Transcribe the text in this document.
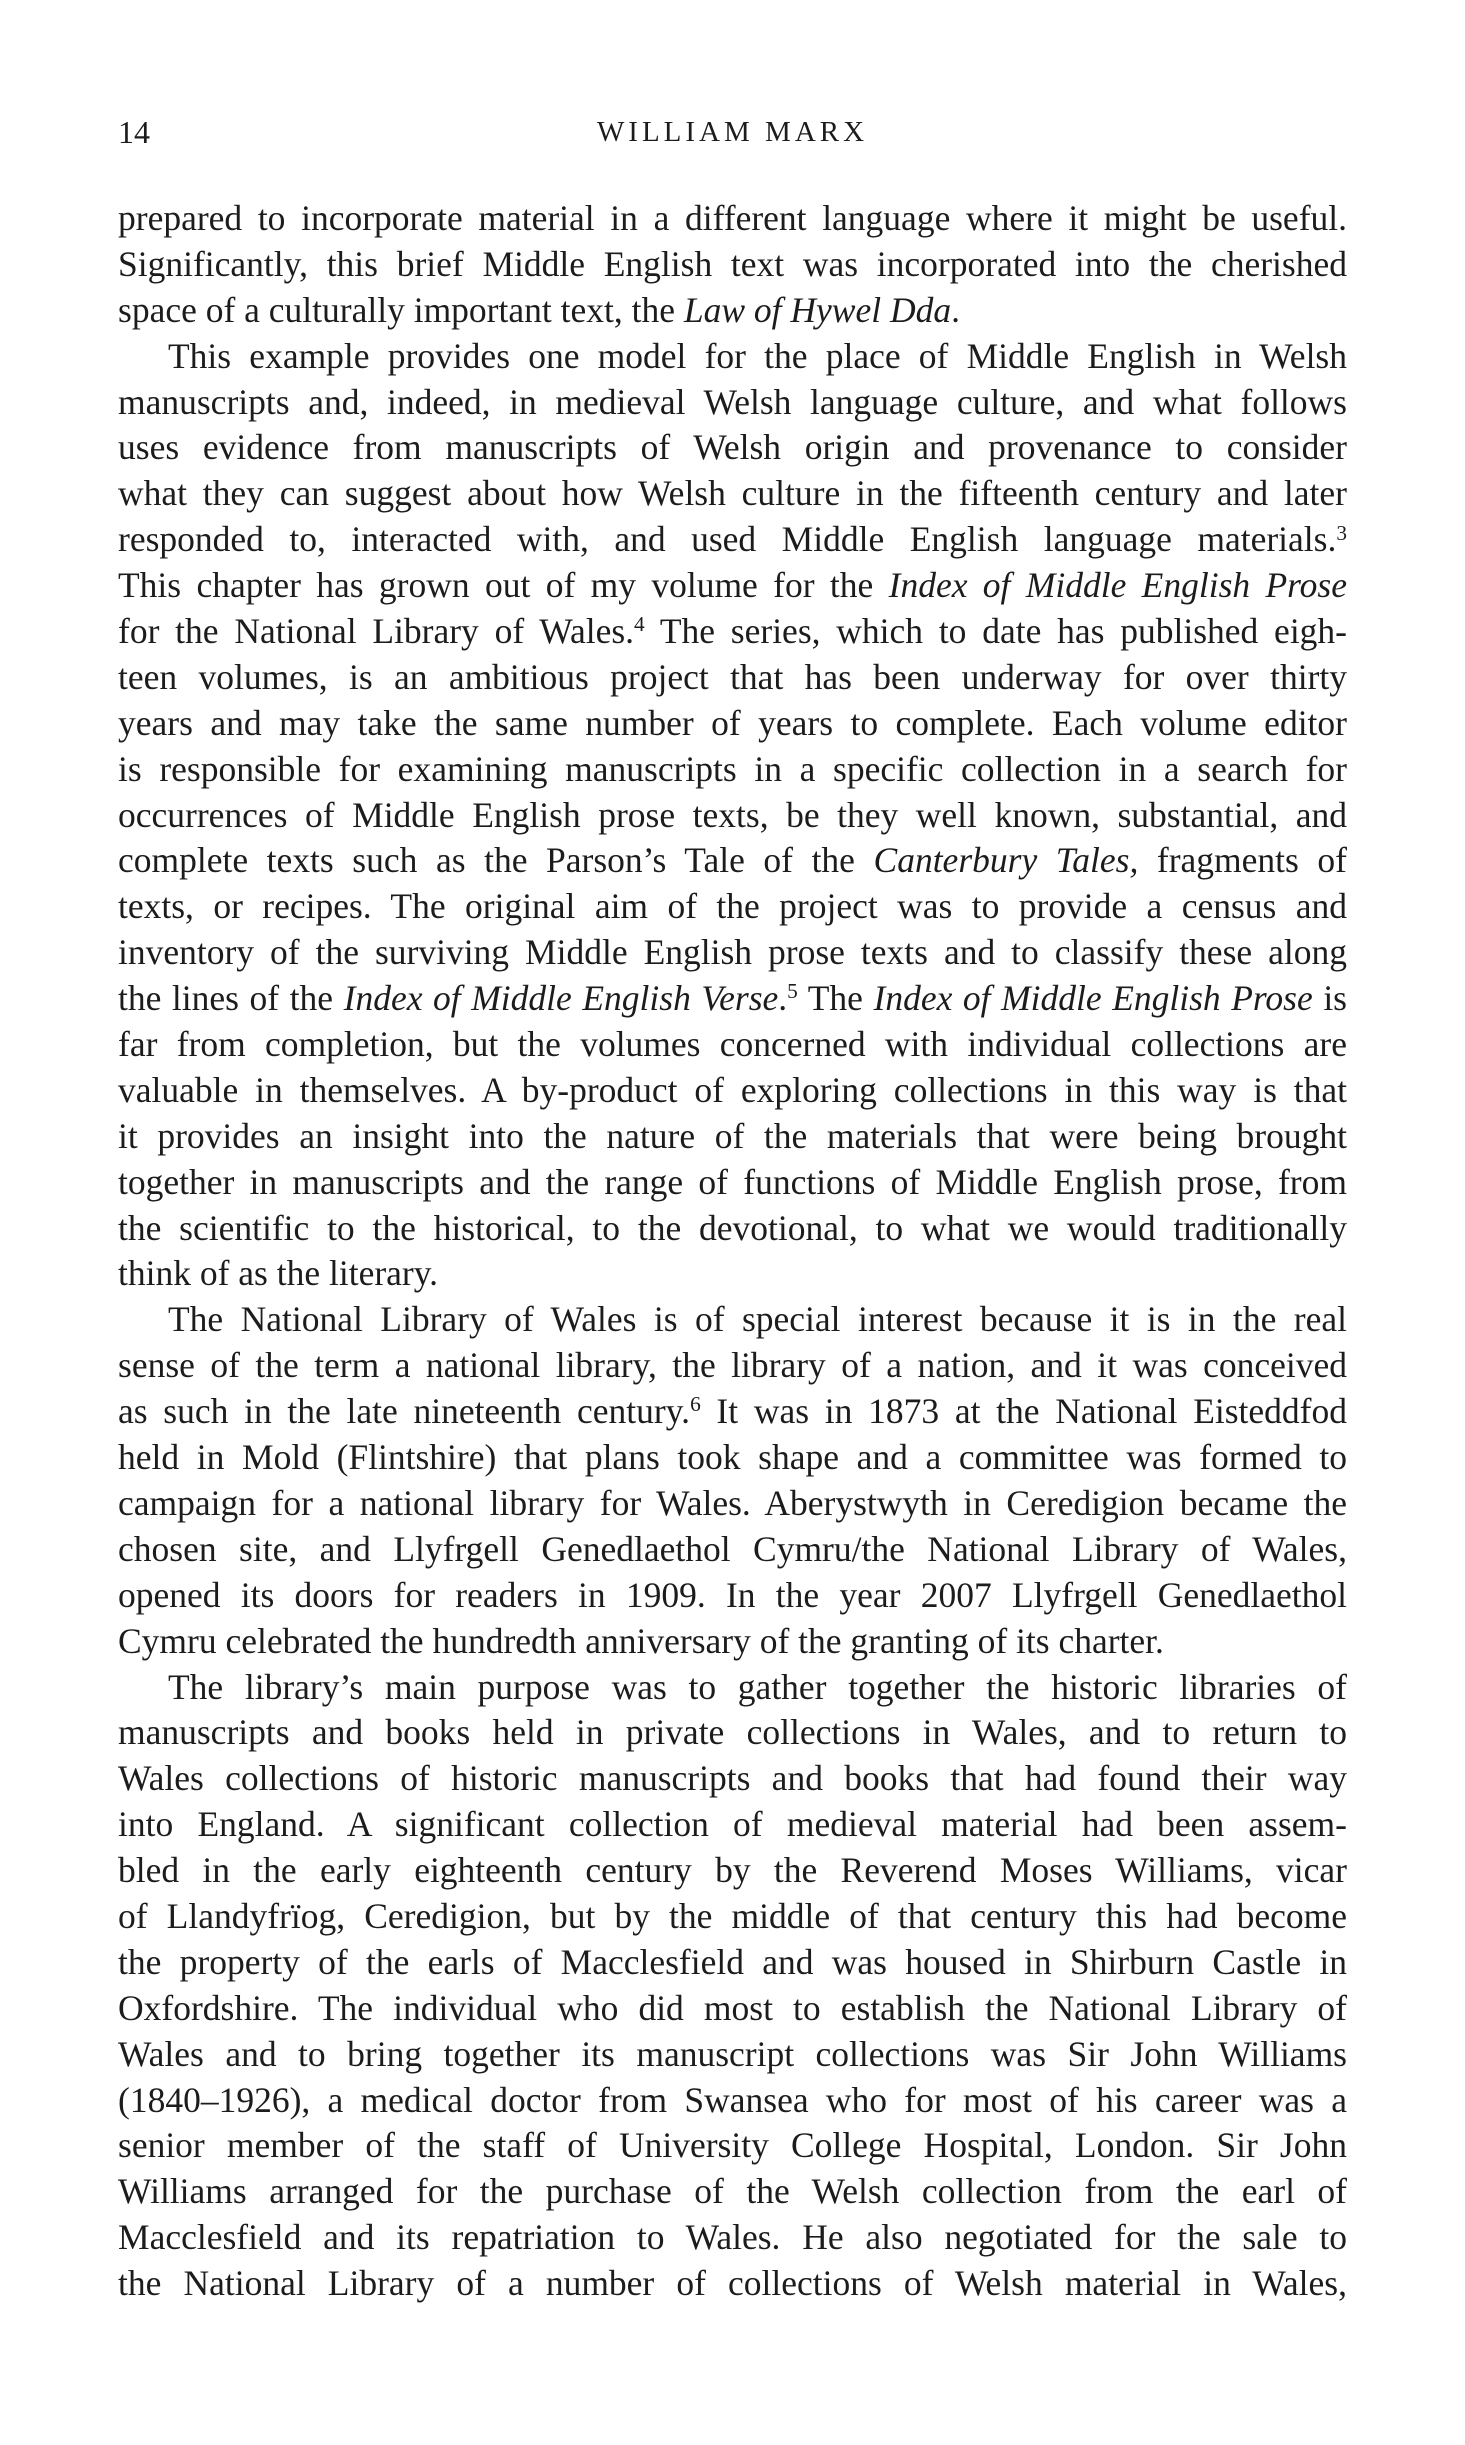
14	WILLIAM MARX
prepared to incorporate material in a different language where it might be useful.
Significantly, this brief Middle English text was incorporated into the cherished
space of a culturally important text, the Law of Hywel Dda.
This example provides one model for the place of Middle English in Welsh
manuscripts and, indeed, in medieval Welsh language culture, and what follows
uses evidence from manuscripts of Welsh origin and provenance to consider
what they can suggest about how Welsh culture in the fifteenth century and later
responded to, interacted with, and used Middle English language materials.$^3$
This chapter has grown out of my volume for the Index of Middle English Prose
for the National Library of Wales.$^4$ The series, which to date has published eigh-
teen volumes, is an ambitious project that has been underway for over thirty
years and may take the same number of years to complete. Each volume editor
is responsible for examining manuscripts in a specific collection in a search for
occurrences of Middle English prose texts, be they well known, substantial, and
complete texts such as the Parson’s Tale of the Canterbury Tales, fragments of
texts, or recipes. The original aim of the project was to provide a census and
inventory of the surviving Middle English prose texts and to classify these along
the lines of the Index of Middle English Verse.$^5$ The Index of Middle English Prose is
far from completion, but the volumes concerned with individual collections are
valuable in themselves. A by-product of exploring collections in this way is that
it provides an insight into the nature of the materials that were being brought
together in manuscripts and the range of functions of Middle English prose, from
the scientific to the historical, to the devotional, to what we would traditionally
think of as the literary.
The National Library of Wales is of special interest because it is in the real
sense of the term a national library, the library of a nation, and it was conceived
as such in the late nineteenth century.$^6$ It was in 1873 at the National Eisteddfod
held in Mold (Flintshire) that plans took shape and a committee was formed to
campaign for a national library for Wales. Aberystwyth in Ceredigion became the
chosen site, and Llyfrgell Genedlaethol Cymru/the National Library of Wales,
opened its doors for readers in 1909. In the year 2007 Llyfrgell Genedlaethol
Cymru celebrated the hundredth anniversary of the granting of its charter.
The library’s main purpose was to gather together the historic libraries of
manuscripts and books held in private collections in Wales, and to return to
Wales collections of historic manuscripts and books that had found their way
into England. A significant collection of medieval material had been assem-
bled in the early eighteenth century by the Reverend Moses Williams, vicar
of Llandyfrïog, Ceredigion, but by the middle of that century this had become
the property of the earls of Macclesfield and was housed in Shirburn Castle in
Oxfordshire. The individual who did most to establish the National Library of
Wales and to bring together its manuscript collections was Sir John Williams
(1840–1926), a medical doctor from Swansea who for most of his career was a
senior member of the staff of University College Hospital, London. Sir John
Williams arranged for the purchase of the Welsh collection from the earl of
Macclesfield and its repatriation to Wales. He also negotiated for the sale to
the National Library of a number of collections of Welsh material in Wales,
